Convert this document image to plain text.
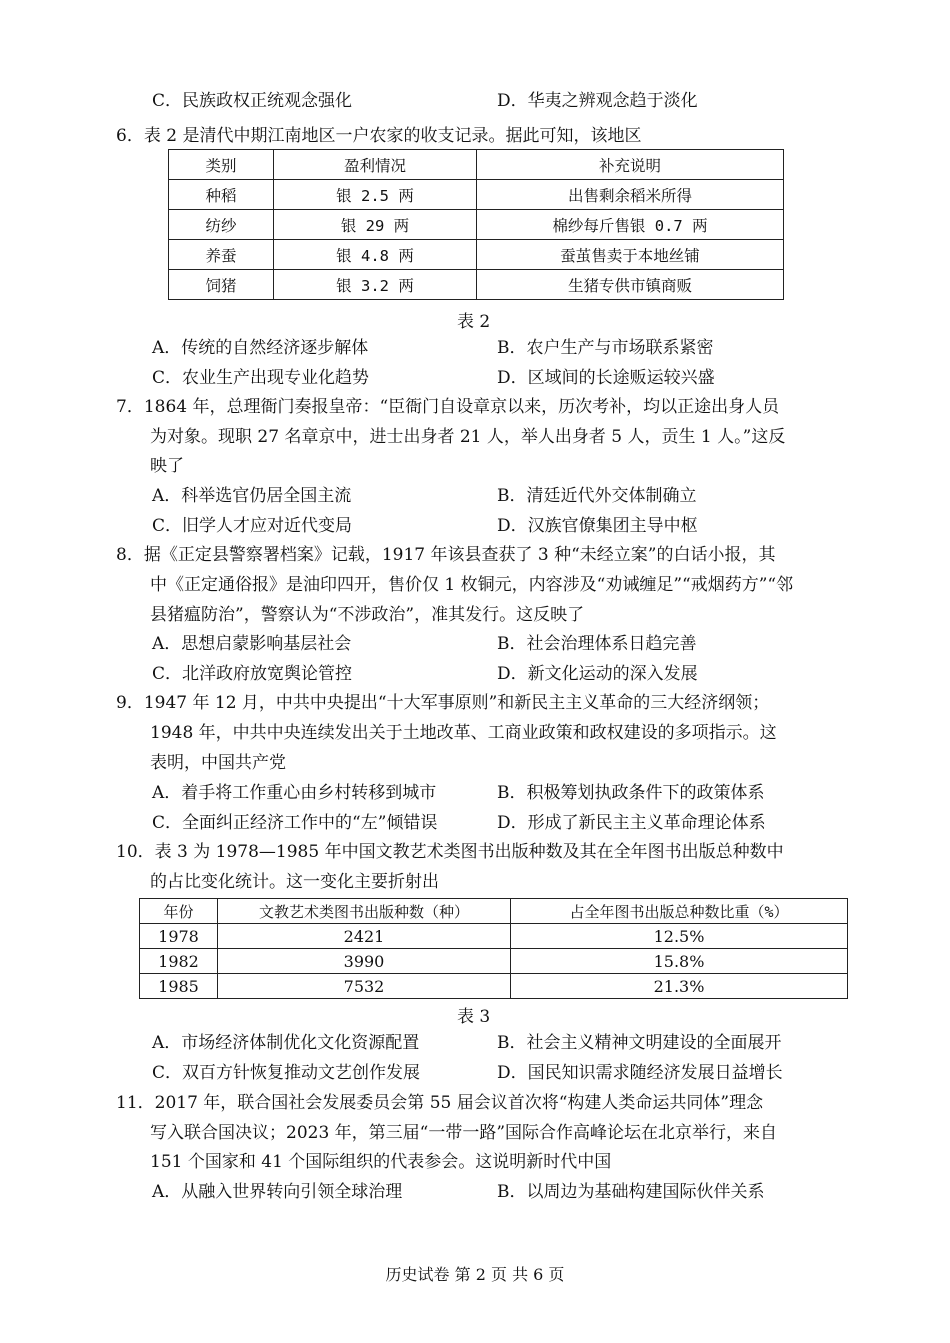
C．民族政权正统观念强化	D．华夷之辨观念趋于淡化
6．表 2 是清代中期江南地区一户农家的收支记录。据此可知，该地区
类别	盈利情况	补充说明
种稻	银 2.5 两	出售剩余稻米所得
纺纱	银 29 两	棉纱每斤售银 0.7 两
养蚕	银 4.8 两	蚕茧售卖于本地丝铺
饲猪	银 3.2 两	生猪专供市镇商贩
表 2
A．传统的自然经济逐步解体	B．农户生产与市场联系紧密
C．农业生产出现专业化趋势	D．区域间的长途贩运较兴盛
7．1864 年，总理衙门奏报皇帝：“臣衙门自设章京以来，历次考补，均以正途出身人员
为对象。现职 27 名章京中，进士出身者 21 人，举人出身者 5 人，贡生 1 人。”这反
映了
A．科举选官仍居全国主流	B．清廷近代外交体制确立
C．旧学人才应对近代变局	D．汉族官僚集团主导中枢
8．据《正定县警察署档案》记载，1917 年该县查获了 3 种“未经立案”的白话小报，其
中《正定通俗报》是油印四开，售价仅 1 枚铜元，内容涉及“劝诫缠足”“戒烟药方”“邻
县猪瘟防治”，警察认为“不涉政治”，准其发行。这反映了
A．思想启蒙影响基层社会	B．社会治理体系日趋完善
C．北洋政府放宽舆论管控	D．新文化运动的深入发展
9．1947 年 12 月，中共中央提出“十大军事原则”和新民主主义革命的三大经济纲领；
1948 年，中共中央连续发出关于土地改革、工商业政策和政权建设的多项指示。这
表明，中国共产党
A．着手将工作重心由乡村转移到城市	B．积极筹划执政条件下的政策体系
C．全面纠正经济工作中的“左”倾错误	D．形成了新民主主义革命理论体系
10．表 3 为 1978—1985 年中国文教艺术类图书出版种数及其在全年图书出版总种数中
的占比变化统计。这一变化主要折射出
年份	文教艺术类图书出版种数（种）	占全年图书出版总种数比重（%）
1978	2421	12.5%
1982	3990	15.8%
1985	7532	21.3%
表 3
A．市场经济体制优化文化资源配置	B．社会主义精神文明建设的全面展开
C．双百方针恢复推动文艺创作发展	D．国民知识需求随经济发展日益增长
11．2017 年，联合国社会发展委员会第 55 届会议首次将“构建人类命运共同体”理念
写入联合国决议；2023 年，第三届“一带一路”国际合作高峰论坛在北京举行，来自
151 个国家和 41 个国际组织的代表参会。这说明新时代中国
A．从融入世界转向引领全球治理	B．以周边为基础构建国际伙伴关系
历史试卷 第 2 页 共 6 页
